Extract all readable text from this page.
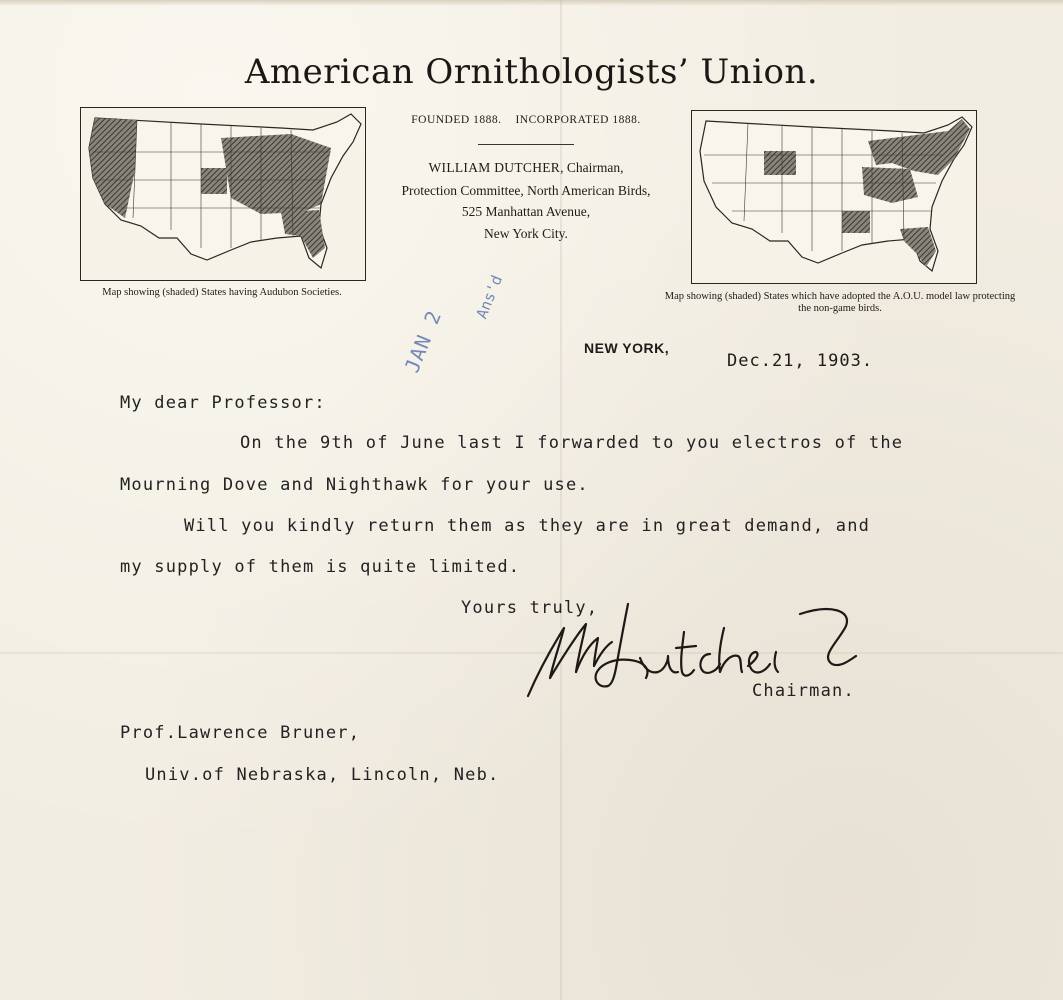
American Ornithologists’ Union.
FOUNDED 1888. INCORPORATED 1888.
WILLIAM DUTCHER, Chairman,
Protection Committee, North American Birds,
525 Manhattan Avenue,
New York City.
Map showing (shaded) States having Audubon Societies.	Map showing (shaded) States which have adopted the A.O.U. model law protecting the non-game birds.
JAN 2
Ans'd
NEW YORK,
Dec.21, 1903.
My dear Professor:
On the 9th of June last I forwarded to you electros of the
Mourning Dove and Nighthawk for your use.
Will you kindly return them as they are in great demand, and
my supply of them is quite limited.
Yours truly,
Chairman.
Prof.Lawrence Bruner,
Univ.of Nebraska, Lincoln, Neb.
